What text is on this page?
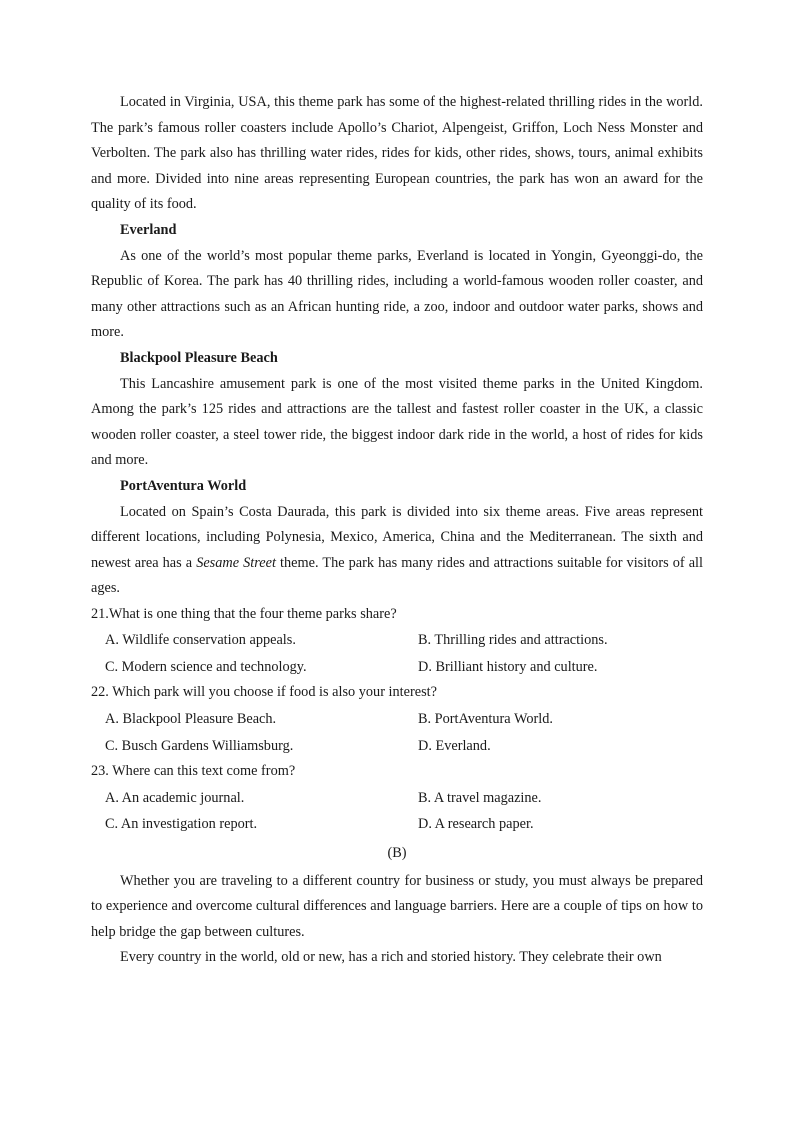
Located in Virginia, USA, this theme park has some of the highest-related thrilling rides in the world. The park’s famous roller coasters include Apollo’s Chariot, Alpengeist, Griffon, Loch Ness Monster and Verbolten. The park also has thrilling water rides, rides for kids, other rides, shows, tours, animal exhibits and more. Divided into nine areas representing European countries, the park has won an award for the quality of its food.

Everland

As one of the world’s most popular theme parks, Everland is located in Yongin, Gyeonggi-do, the Republic of Korea. The park has 40 thrilling rides, including a world-famous wooden roller coaster, and many other attractions such as an African hunting ride, a zoo, indoor and outdoor water parks, shows and more.

Blackpool Pleasure Beach

This Lancashire amusement park is one of the most visited theme parks in the United Kingdom. Among the park’s 125 rides and attractions are the tallest and fastest roller coaster in the UK, a classic wooden roller coaster, a steel tower ride, the biggest indoor dark ride in the world, a host of rides for kids and more.

PortAventura World

Located on Spain’s Costa Daurada, this park is divided into six theme areas. Five areas represent different locations, including Polynesia, Mexico, America, China and the Mediterranean. The sixth and newest area has a Sesame Street theme. The park has many rides and attractions suitable for visitors of all ages.

21.What is one thing that the four theme parks share?

A. Wildlife conservation appeals.	B. Thrilling rides and attractions.
C. Modern science and technology.	D. Brilliant history and culture.

22. Which park will you choose if food is also your interest?

A. Blackpool Pleasure Beach.	B. PortAventura World.
C. Busch Gardens Williamsburg.	D. Everland.

23. Where can this text come from?

A. An academic journal.	B. A travel magazine.
C. An investigation report.	D. A research paper.

(B)

Whether you are traveling to a different country for business or study, you must always be prepared to experience and overcome cultural differences and language barriers. Here are a couple of tips on how to help bridge the gap between cultures.

Every country in the world, old or new, has a rich and storied history. They celebrate their own
